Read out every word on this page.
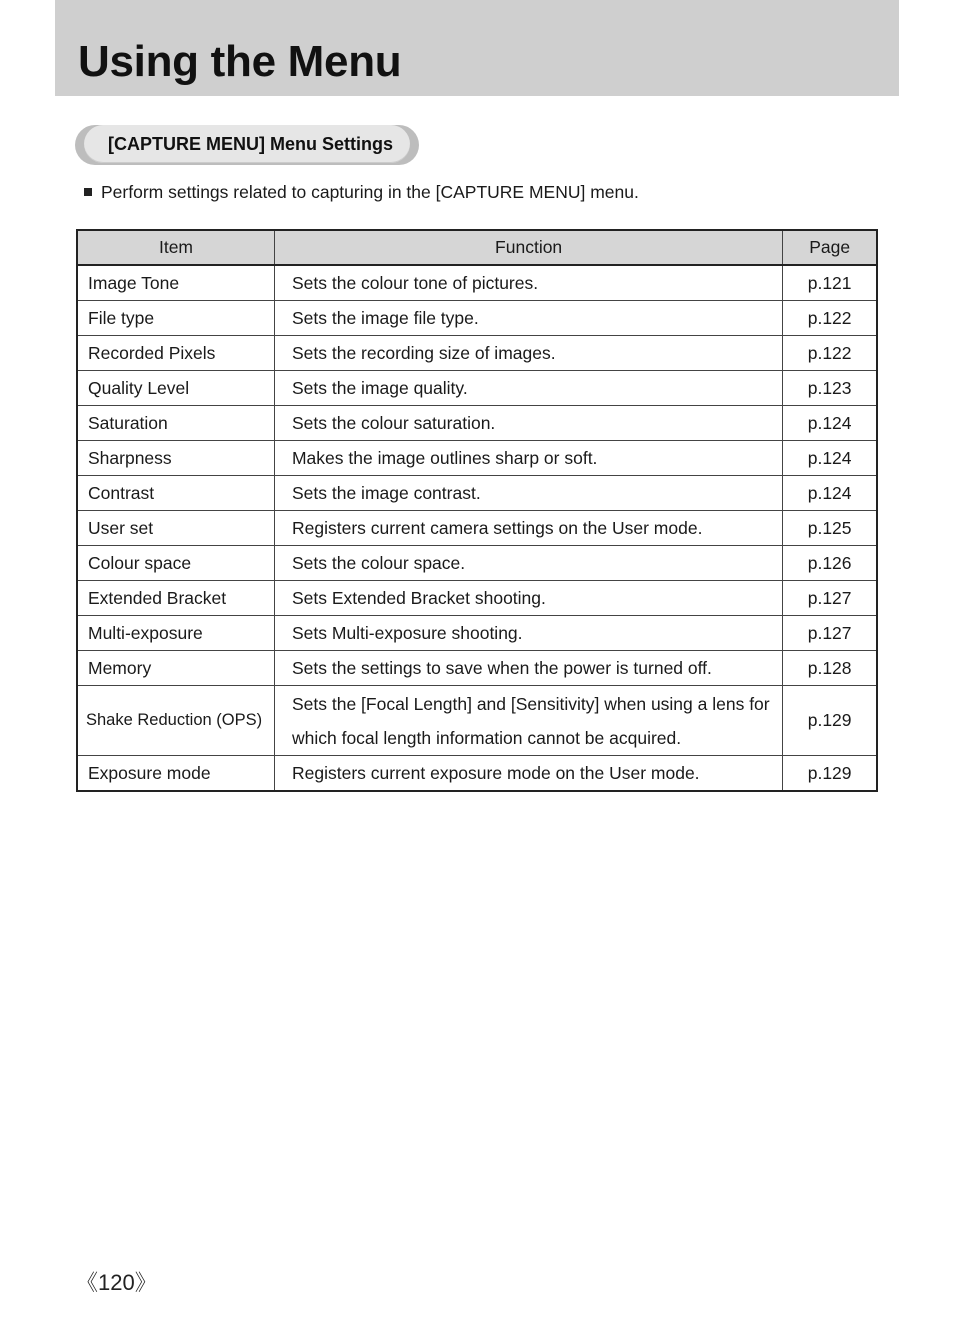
Using the Menu
[CAPTURE MENU] Menu Settings
Perform settings related to capturing in the [CAPTURE MENU] menu.
Item	Function	Page
Image Tone	Sets the colour tone of pictures.	p.121
File type	Sets the image file type.	p.122
Recorded Pixels	Sets the recording size of images.	p.122
Quality Level	Sets the image quality.	p.123
Saturation	Sets the colour saturation.	p.124
Sharpness	Makes the image outlines sharp or soft.	p.124
Contrast	Sets the image contrast.	p.124
User set	Registers current camera settings on the User mode.	p.125
Colour space	Sets the colour space.	p.126
Extended Bracket	Sets Extended Bracket shooting.	p.127
Multi-exposure	Sets Multi-exposure shooting.	p.127
Memory	Sets the settings to save when the power is turned off.	p.128
Shake Reduction (OPS)	Sets the [Focal Length] and [Sensitivity] when using a lens for
which focal length information cannot be acquired.	p.129
Exposure mode	Registers current exposure mode on the User mode.	p.129
《120》
